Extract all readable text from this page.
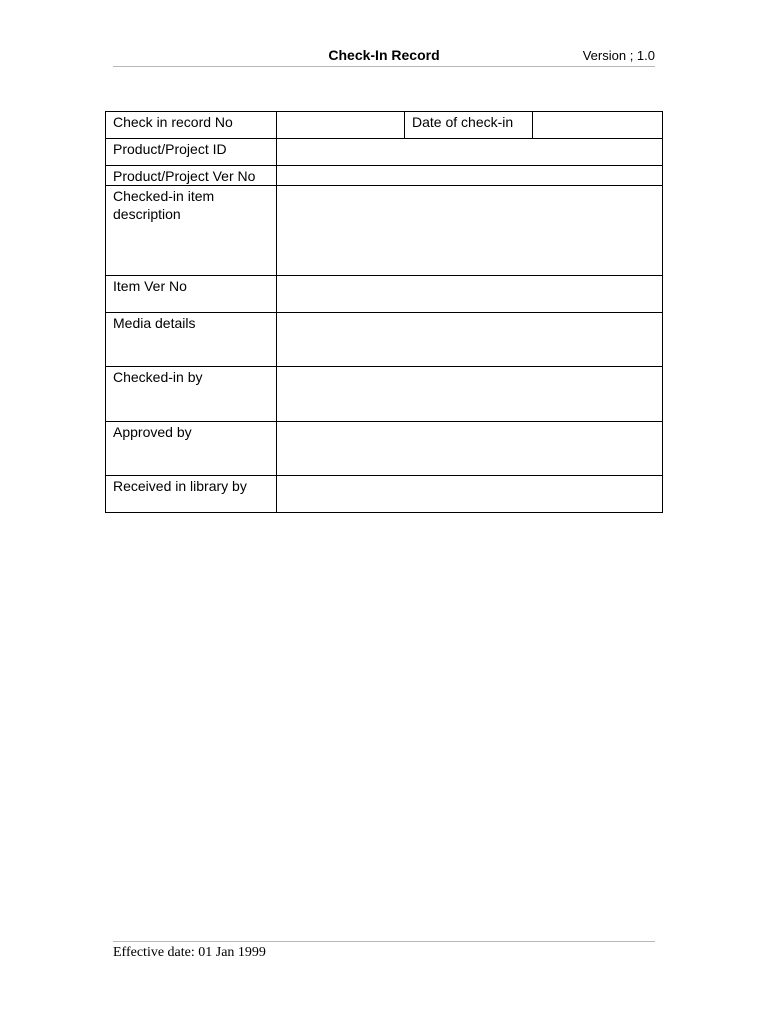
Check-In Record	Version ; 1.0
Check in record No		Date of check-in	
Product/Project ID			
Product/Project Ver No			
Checked-in item description			
Item Ver No			
Media details			
Checked-in by			
Approved by			
Received in library by			
Effective date: 01 Jan 1999
